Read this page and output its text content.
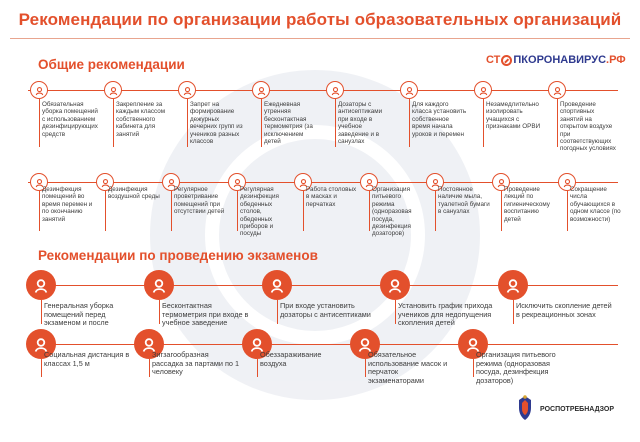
Рекомендации по организации работы образовательных организаций
Общие рекомендации	СТ ПКОРОНАВИРУС .РФ
Обязательная уборка помещений с использованием дезинфицирующих средств
Закрепление за каждым классом собственного кабинета для занятий
Запрет на формирование дежурных вечерних групп из учеников разных классов
Ежедневная утренняя бесконтактная термометрия (за исключением детей
Дозаторы с антисептиками при входе в учебное заведение и в санузлах
Для каждого класса установить собственное время начала уроков и перемен
Незамедлительно изолировать учащихся с признаками ОРВИ
Проведение спортивных занятий на открытом воздухе при соответствующих погодных условиях
Дезинфекция помещений во время перемен и по окончанию занятий
Дезинфекция воздушной среды
Регулярное проветривание помещений при отсутствии детей
Регулярная дезинфекция обеденных столов, обеденных приборов и посуды
Работа столовых в масках и перчатках
Организация питьевого режима (одноразовая посуда, дезинфекция дозаторов)
Постоянное наличие мыла, туалетной бумаги в санузлах
Проведение лекций по гигиеническому воспитанию детей
Сокращение числа обучающихся в одном классе (по возможности)
Рекомендации по проведению экзаменов
Генеральная уборка помещений перед экзаменом и после
Бесконтактная термометрия при входе в учебное заведение
При входе установить дозаторы с антисептиками
Установить график прихода учеников для недопущения скопления детей
Исключить скопление детей в рекреационных зонах
Социальная дистанция в классах 1,5 м
Зигзагообразная рассадка за партами по 1 человеку
Обеззараживание воздуха
Обязательное использование масок и перчаток экзаменаторами
Организация питьевого режима (одноразовая посуда, дезинфекция дозаторов)
РОСПОТРЕБНАДЗОР
